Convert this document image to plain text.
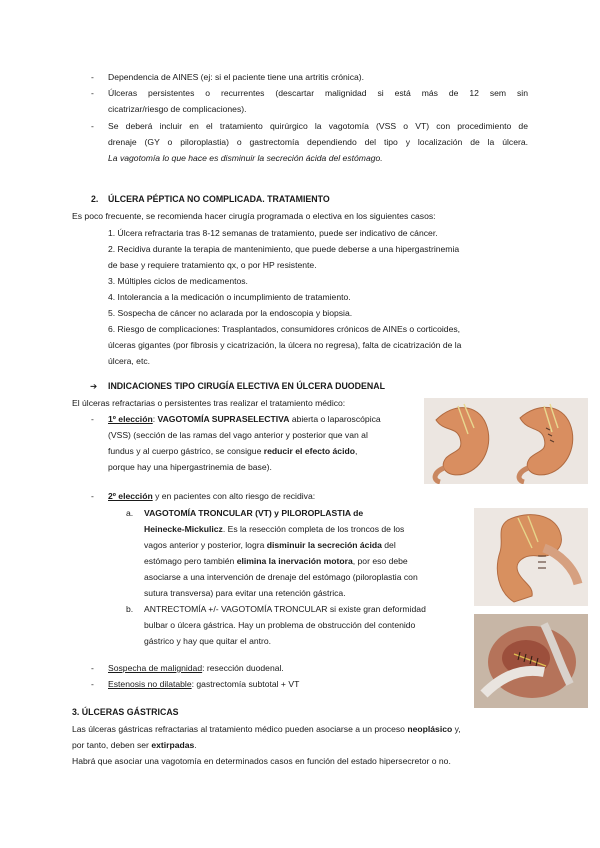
- Dependencia de AINES (ej: si el paciente tiene una artritis crónica).
- Úlceras persistentes o recurrentes (descartar malignidad si está más de 12 sem sin
cicatrizar/riesgo de complicaciones).
- Se deberá incluir en el tratamiento quirúrgico la vagotomía (VSS o VT) con procedimiento de
drenaje (GY o piloroplastia) o gastrectomía dependiendo del tipo y localización de la úlcera.
La vagotomía lo que hace es disminuir la secreción ácida del estómago.
2. ÚLCERA PÉPTICA NO COMPLICADA. TRATAMIENTO
Es poco frecuente, se recomienda hacer cirugía programada o electiva en los siguientes casos:
1. Úlcera refractaria tras 8-12 semanas de tratamiento, puede ser indicativo de cáncer.
2. Recidiva durante la terapia de mantenimiento, que puede deberse a una hipergastrinemia
de base y requiere tratamiento qx, o por HP resistente.
3. Múltiples ciclos de medicamentos.
4. Intolerancia a la medicación o incumplimiento de tratamiento.
5. Sospecha de cáncer no aclarada por la endoscopia y biopsia.
6. Riesgo de complicaciones: Trasplantados, consumidores crónicos de AINEs o corticoides,
úlceras gigantes (por fibrosis y cicatrización, la úlcera no regresa), falta de cicatrización de la
úlcera, etc.
➔ INDICACIONES TIPO CIRUGÍA ELECTIVA EN ÚLCERA DUODENAL
El úlceras refractarias o persistentes tras realizar el tratamiento médico:
- 1º elección: VAGOTOMÍA SUPRASELECTIVA abierta o laparoscópica
(VSS) (sección de las ramas del vago anterior y posterior que van al
fundus y al cuerpo gástrico, se consigue reducir el efecto ácido,
porque hay una hipergastrinemia de base).
- 2º elección y en pacientes con alto riesgo de recidiva:
a. VAGOTOMÍA TRONCULAR (VT) y PILOROPLASTIA de
Heinecke-Mickulicz. Es la resección completa de los troncos de los
vagos anterior y posterior, logra disminuir la secreción ácida del
estómago pero también elimina la inervación motora, por eso debe
asociarse a una intervención de drenaje del estómago (piloroplastia con
sutura transversa) para evitar una retención gástrica.
b. ANTRECTOMÍA +/- VAGOTOMÍA TRONCULAR si existe gran deformidad
bulbar o úlcera gástrica. Hay un problema de obstrucción del contenido
gástrico y hay que quitar el antro.
- Sospecha de malignidad: resección duodenal.
- Estenosis no dilatable: gastrectomía subtotal + VT
3. ÚLCERAS GÁSTRICAS
Las úlceras gástricas refractarias al tratamiento médico pueden asociarse a un proceso neoplásico y,
por tanto, deben ser extirpadas.
Habrá que asociar una vagotomía en determinados casos en función del estado hipersecretor o no.
